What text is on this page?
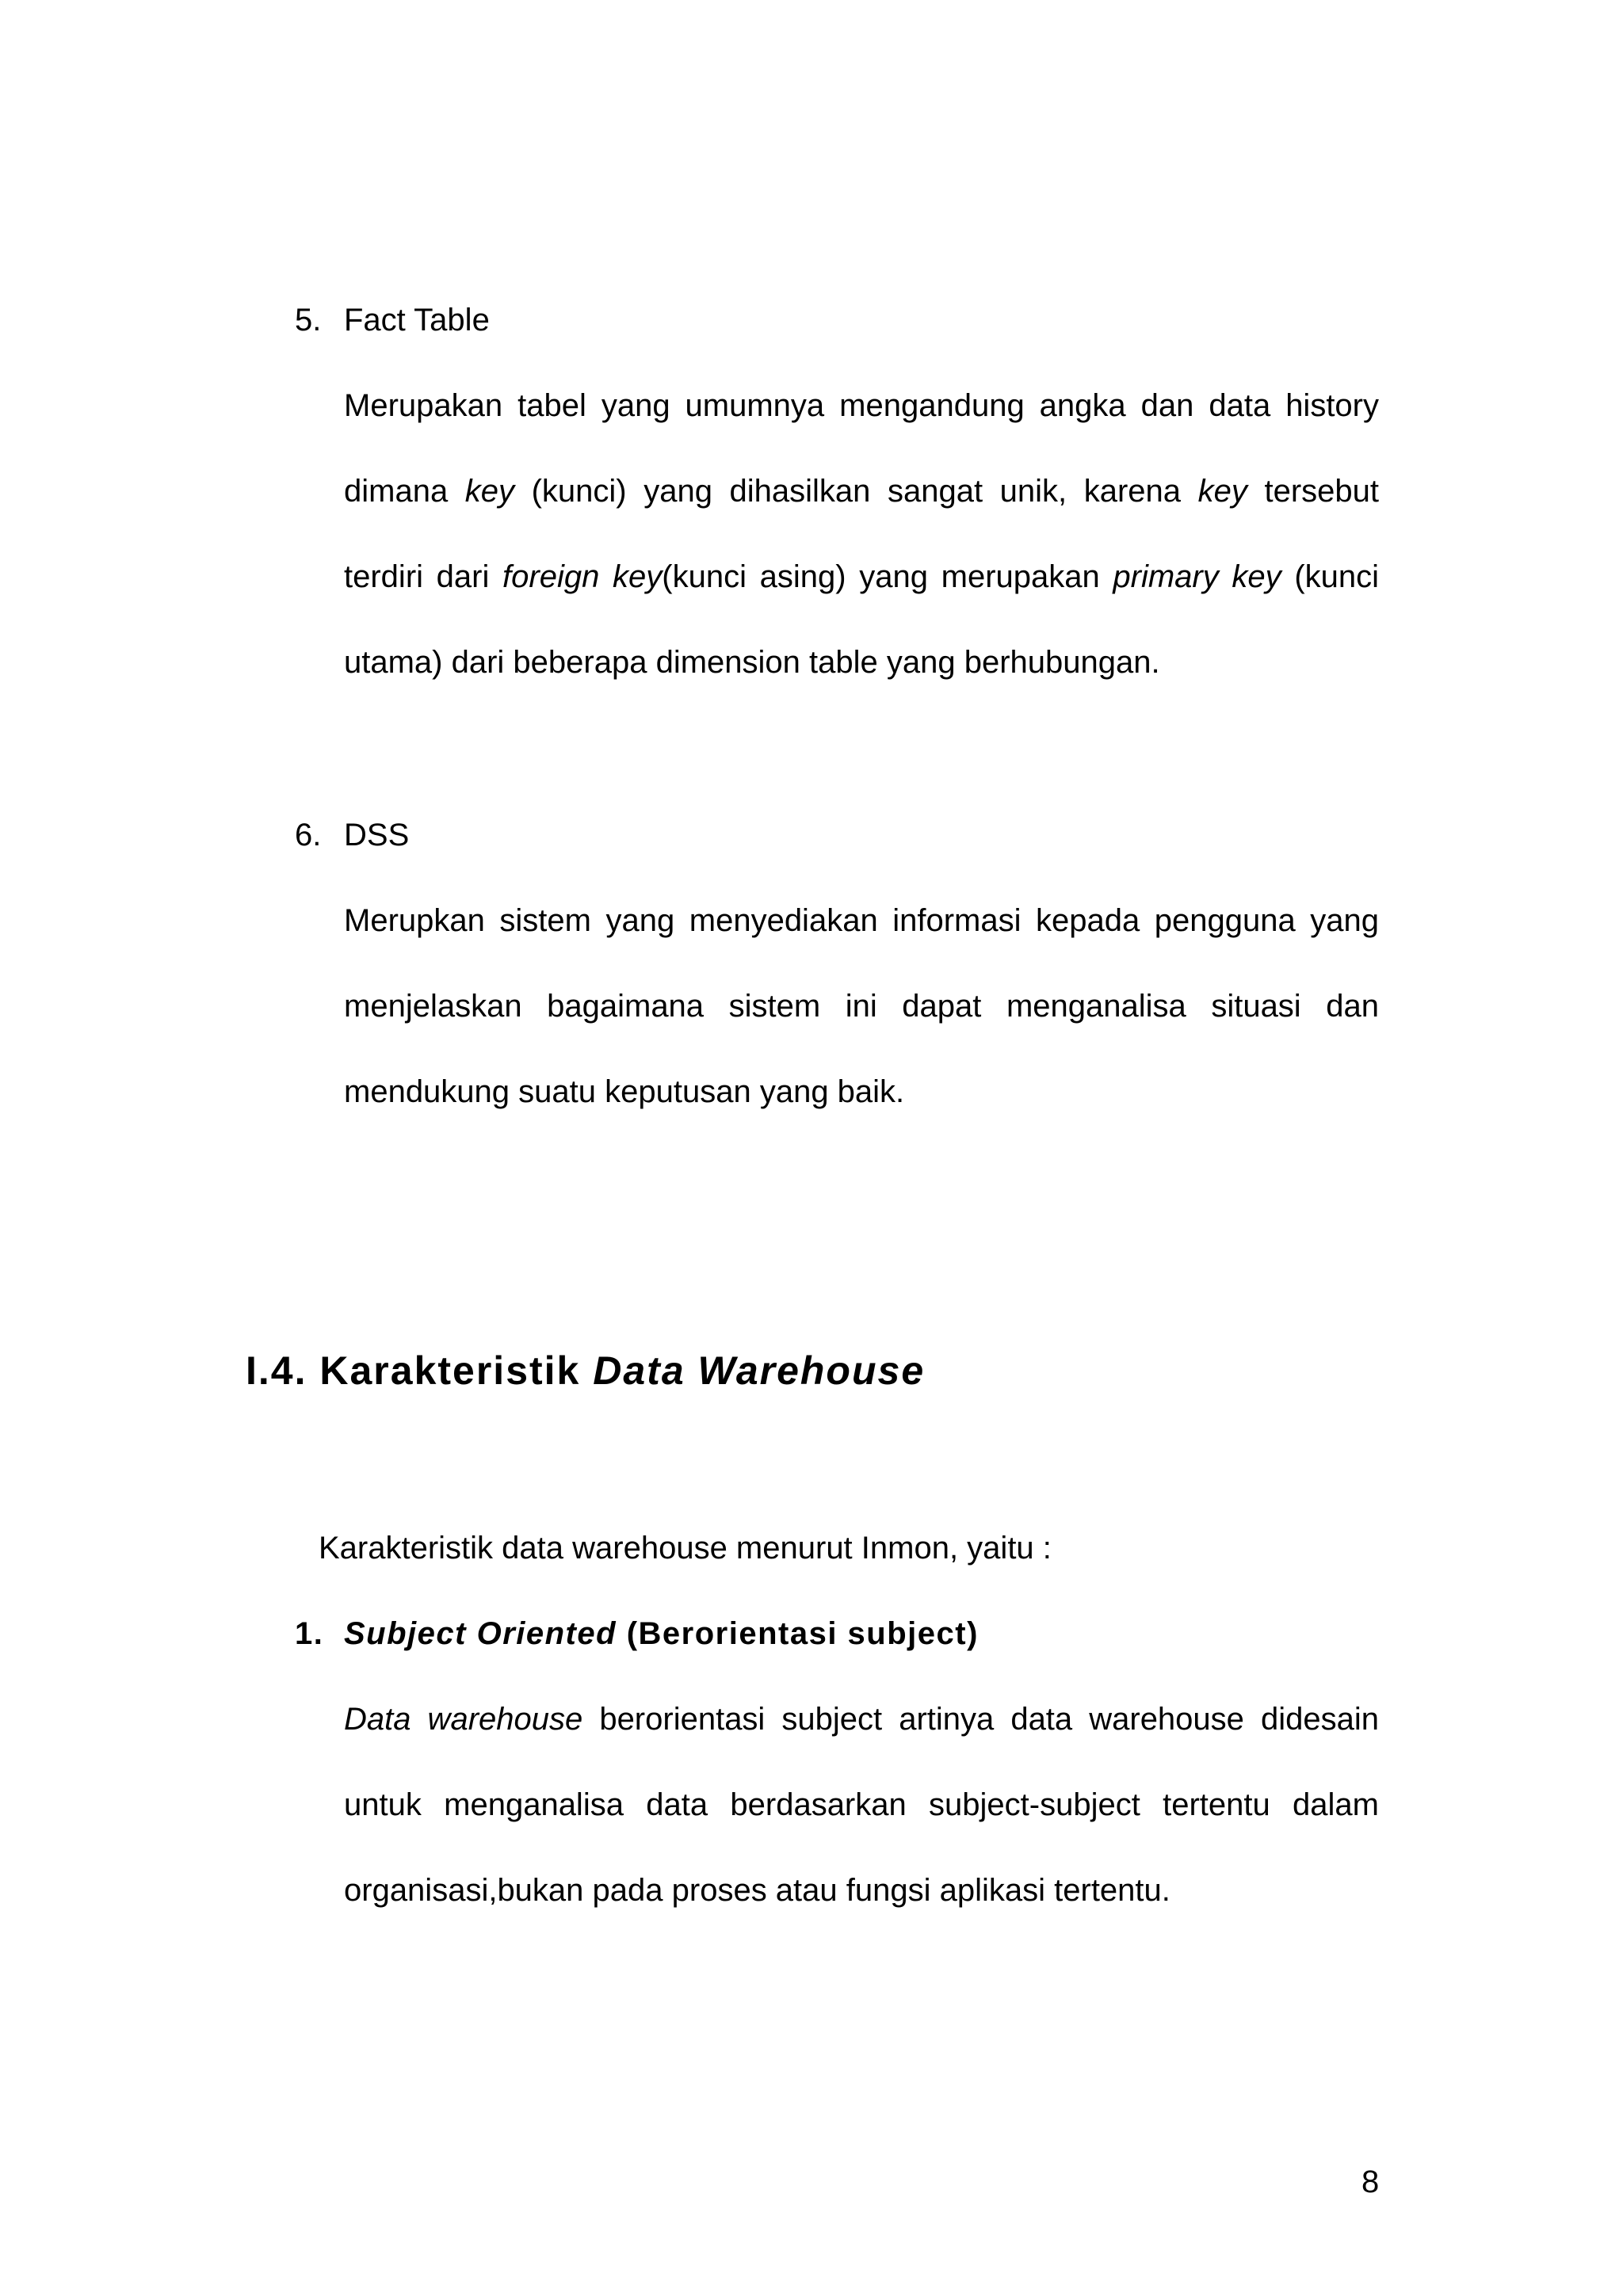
5. Fact Table

Merupakan tabel yang umumnya mengandung angka dan data history

dimana key (kunci) yang dihasilkan sangat unik, karena key tersebut

terdiri dari foreign key(kunci asing) yang merupakan primary key (kunci

utama) dari beberapa dimension table yang berhubungan.

6. DSS

Merupkan sistem yang menyediakan informasi kepada pengguna yang

menjelaskan bagaimana sistem ini dapat menganalisa situasi dan

mendukung suatu keputusan yang baik.

I.4. Karakteristik Data Warehouse

Karakteristik data warehouse menurut Inmon, yaitu :

1. Subject Oriented (Berorientasi subject)

Data warehouse berorientasi subject artinya data warehouse didesain

untuk menganalisa data berdasarkan subject-subject tertentu dalam

organisasi,bukan pada proses atau fungsi aplikasi tertentu.

8
